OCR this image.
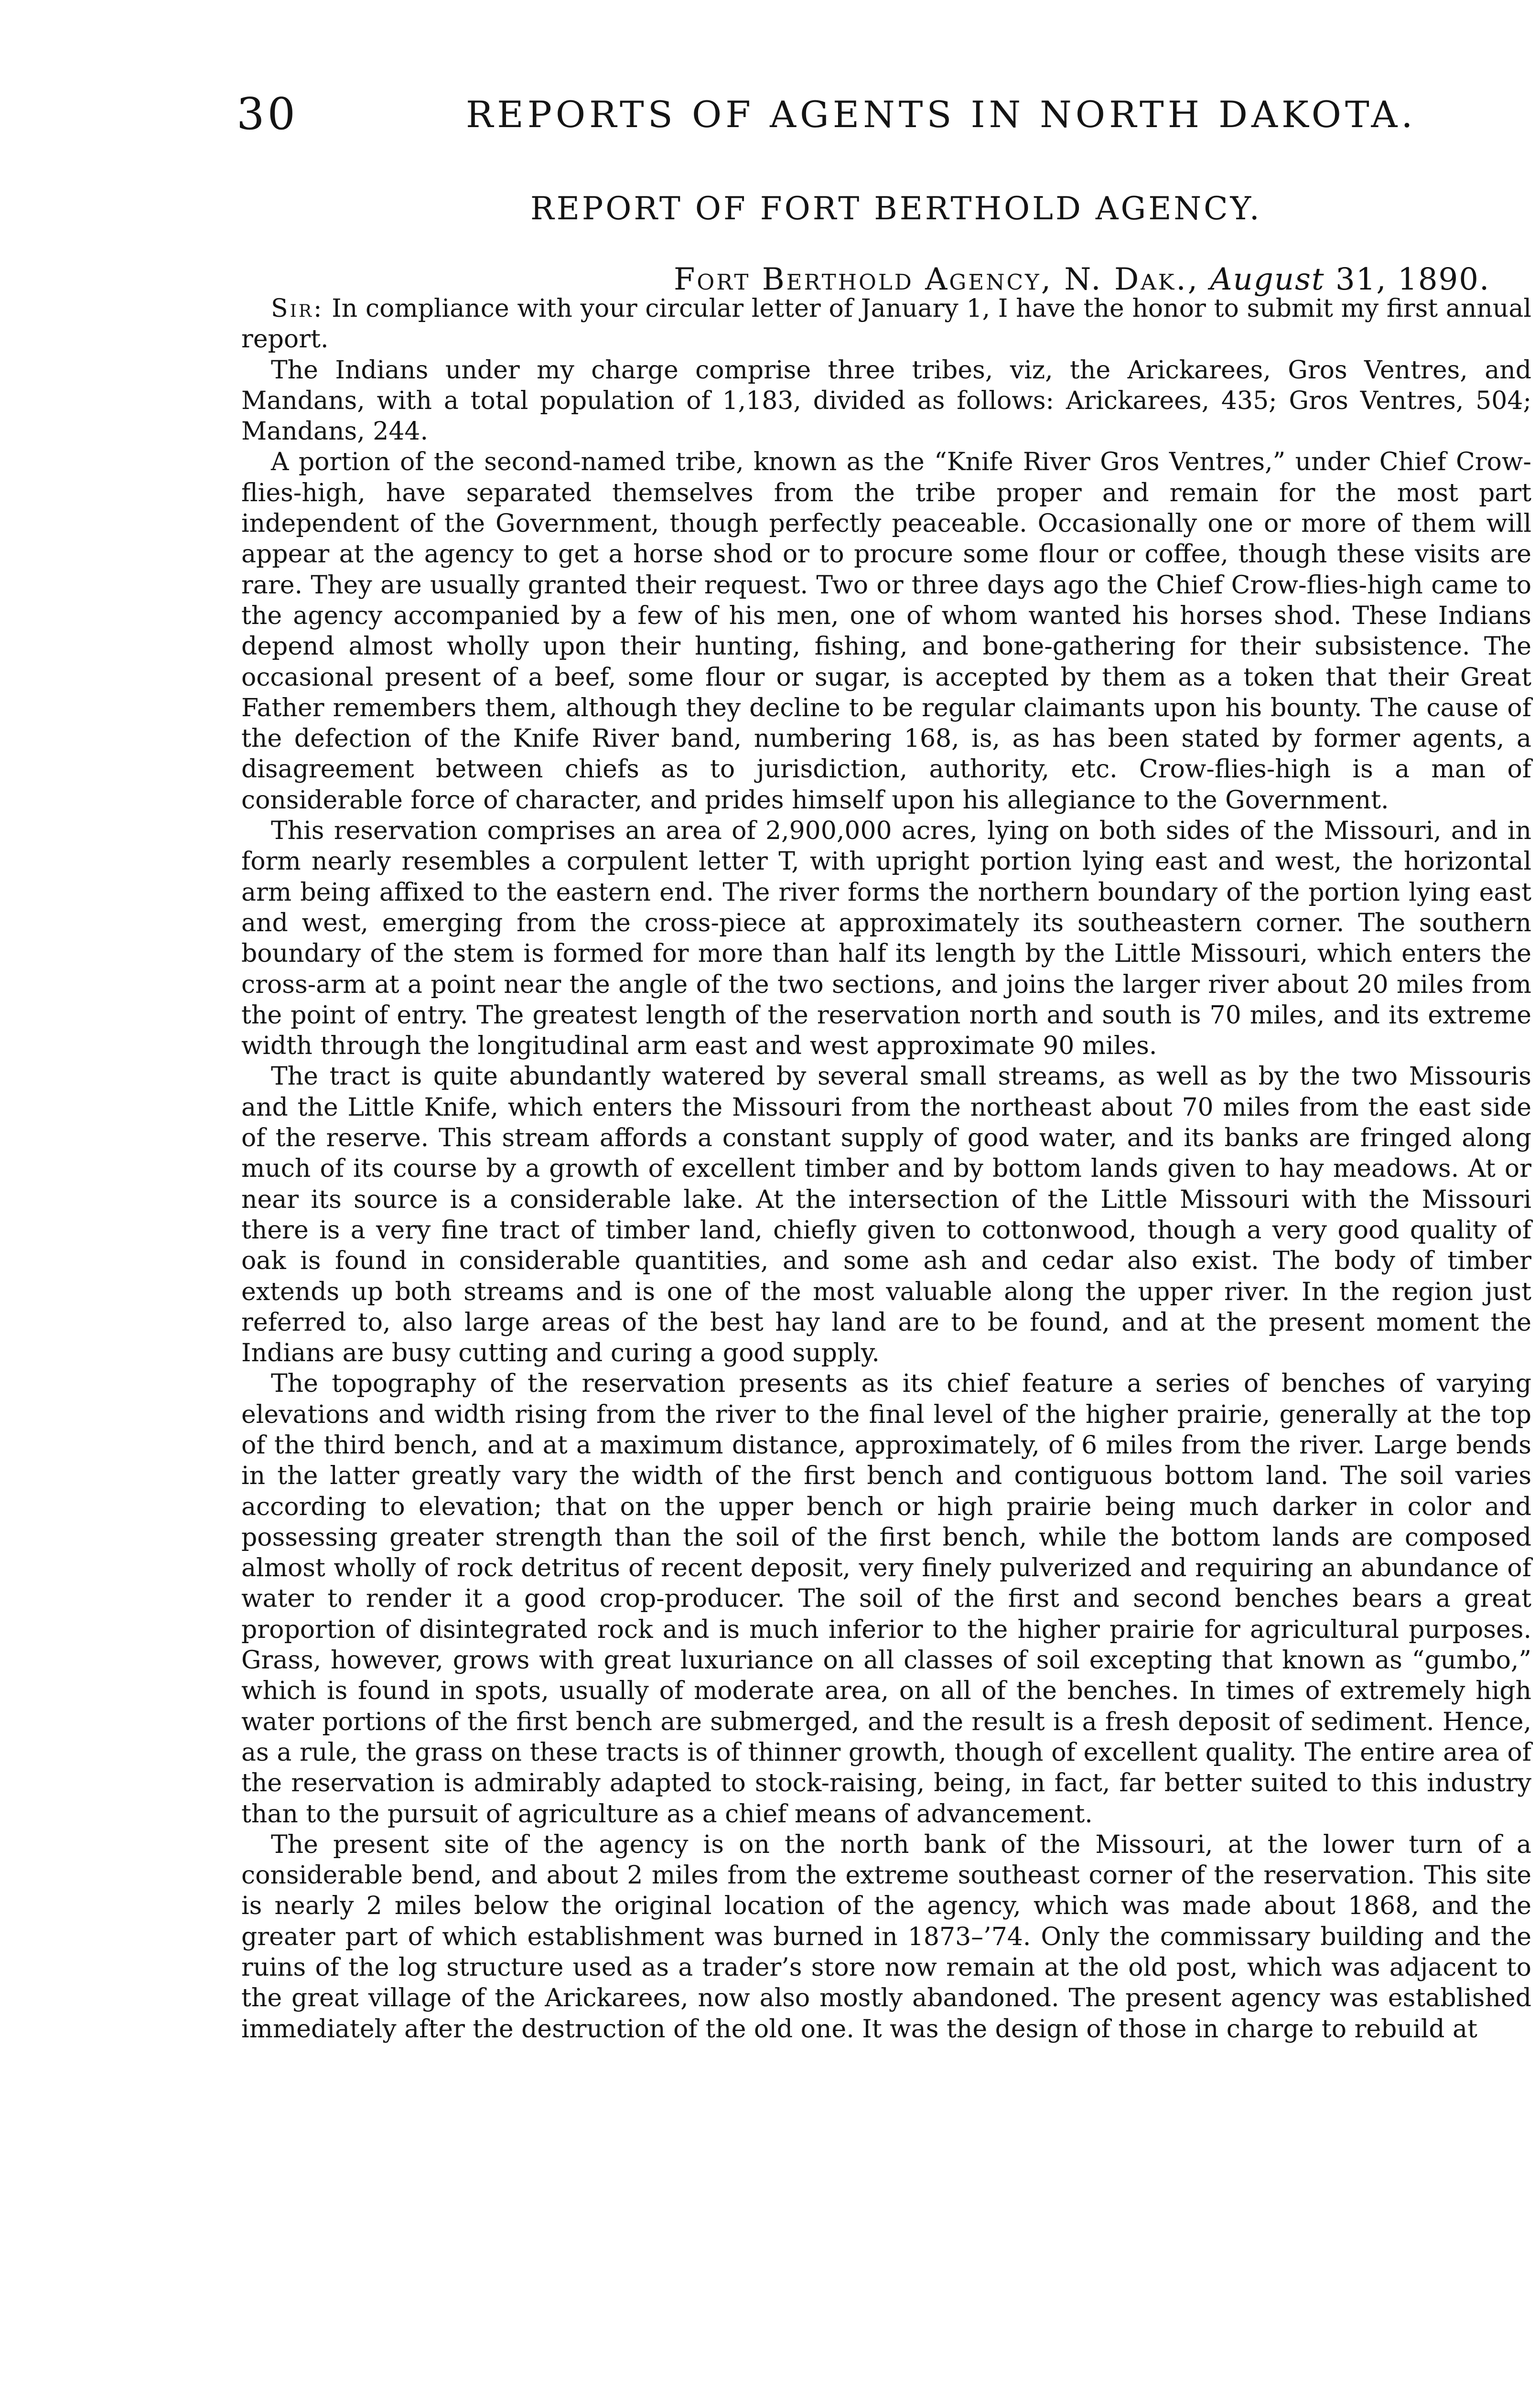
30	REPORTS OF AGENTS IN NORTH DAKOTA.
REPORT OF FORT BERTHOLD AGENCY.
Fort Berthold Agency, N. Dak., August 31, 1890.

Sir: In compliance with your circular letter of January 1, I have the honor to submit my first annual report.

The Indians under my charge comprise three tribes, viz, the Arickarees, Gros Ventres, and Mandans, with a total population of 1,183, divided as follows: Arickarees, 435; Gros Ventres, 504; Mandans, 244.

A portion of the second-named tribe, known as the “Knife River Gros Ventres,” under Chief Crow-flies-high, have separated themselves from the tribe proper and remain for the most part independent of the Government, though perfectly peaceable. Occasionally one or more of them will appear at the agency to get a horse shod or to procure some flour or coffee, though these visits are rare. They are usually granted their request. Two or three days ago the Chief Crow-flies-high came to the agency accompanied by a few of his men, one of whom wanted his horses shod. These Indians depend almost wholly upon their hunting, fishing, and bone-gathering for their subsistence. The occasional present of a beef, some flour or sugar, is accepted by them as a token that their Great Father remembers them, although they decline to be regular claimants upon his bounty. The cause of the defection of the Knife River band, numbering 168, is, as has been stated by former agents, a disagreement between chiefs as to jurisdiction, authority, etc. Crow-flies-high is a man of considerable force of character, and prides himself upon his allegiance to the Government.

This reservation comprises an area of 2,900,000 acres, lying on both sides of the Missouri, and in form nearly resembles a corpulent letter T, with upright portion lying east and west, the horizontal arm being affixed to the eastern end. The river forms the northern boundary of the portion lying east and west, emerging from the cross-piece at approximately its southeastern corner. The southern boundary of the stem is formed for more than half its length by the Little Missouri, which enters the cross-arm at a point near the angle of the two sections, and joins the larger river about 20 miles from the point of entry. The greatest length of the reservation north and south is 70 miles, and its extreme width through the longitudinal arm east and west approximate 90 miles.

The tract is quite abundantly watered by several small streams, as well as by the two Missouris and the Little Knife, which enters the Missouri from the northeast about 70 miles from the east side of the reserve. This stream affords a constant supply of good water, and its banks are fringed along much of its course by a growth of excellent timber and by bottom lands given to hay meadows. At or near its source is a considerable lake. At the intersection of the Little Missouri with the Missouri there is a very fine tract of timber land, chiefly given to cottonwood, though a very good quality of oak is found in considerable quantities, and some ash and cedar also exist. The body of timber extends up both streams and is one of the most valuable along the upper river. In the region just referred to, also large areas of the best hay land are to be found, and at the present moment the Indians are busy cutting and curing a good supply.

The topography of the reservation presents as its chief feature a series of benches of varying elevations and width rising from the river to the final level of the higher prairie, generally at the top of the third bench, and at a maximum distance, approximately, of 6 miles from the river. Large bends in the latter greatly vary the width of the first bench and contiguous bottom land. The soil varies according to elevation; that on the upper bench or high prairie being much darker in color and possessing greater strength than the soil of the first bench, while the bottom lands are composed almost wholly of rock detritus of recent deposit, very finely pulverized and requiring an abundance of water to render it a good crop-producer. The soil of the first and second benches bears a great proportion of disintegrated rock and is much inferior to the higher prairie for agricultural purposes. Grass, however, grows with great luxuriance on all classes of soil excepting that known as “gumbo,” which is found in spots, usually of moderate area, on all of the benches. In times of extremely high water portions of the first bench are submerged, and the result is a fresh deposit of sediment. Hence, as a rule, the grass on these tracts is of thinner growth, though of excellent quality. The entire area of the reservation is admirably adapted to stock-raising, being, in fact, far better suited to this industry than to the pursuit of agriculture as a chief means of advancement.

The present site of the agency is on the north bank of the Missouri, at the lower turn of a considerable bend, and about 2 miles from the extreme southeast corner of the reservation. This site is nearly 2 miles below the original location of the agency, which was made about 1868, and the greater part of which establishment was burned in 1873–’74. Only the commissary building and the ruins of the log structure used as a trader’s store now remain at the old post, which was adjacent to the great village of the Arickarees, now also mostly abandoned. The present agency was established immediately after the destruction of the old one. It was the design of those in charge to rebuild at
